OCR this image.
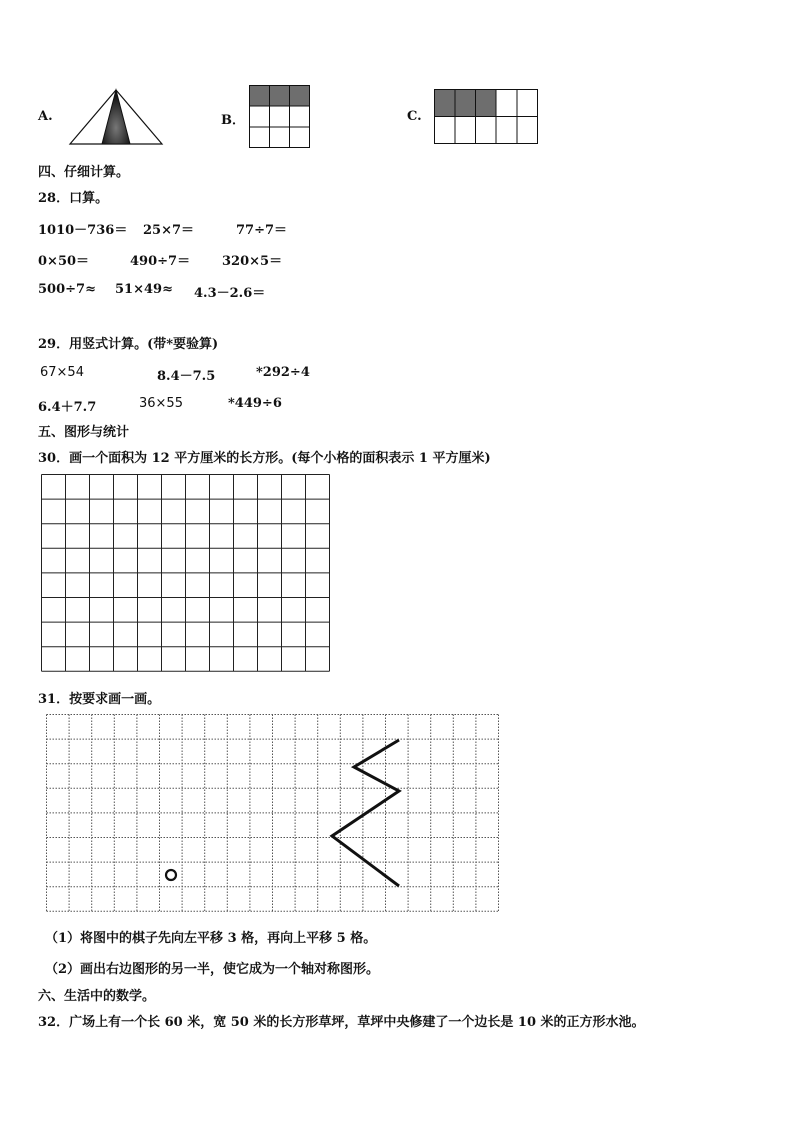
A.	B．	C.
四、仔细计算。
28．口算。
1010－736＝ 25×7＝	77÷7＝
0×50＝	490÷7＝ 320×5＝
500÷7≈ 51×49≈ 4.3－2.6＝
29．用竖式计算。(带*要验算)
67×54	8.4－7.5	*292÷4
6.4＋7.7	36×55	*449÷6
五、图形与统计
30．画一个面积为 12 平方厘米的长方形。(每个小格的面积表示 1 平方厘米)
31．按要求画一画。
（1）将图中的棋子先向左平移 3 格，再向上平移 5 格。
（2）画出右边图形的另一半，使它成为一个轴对称图形。
六、生活中的数学。
32．广场上有一个长 60 米，宽 50 米的长方形草坪，草坪中央修建了一个边长是 10 米的正方形水池。
